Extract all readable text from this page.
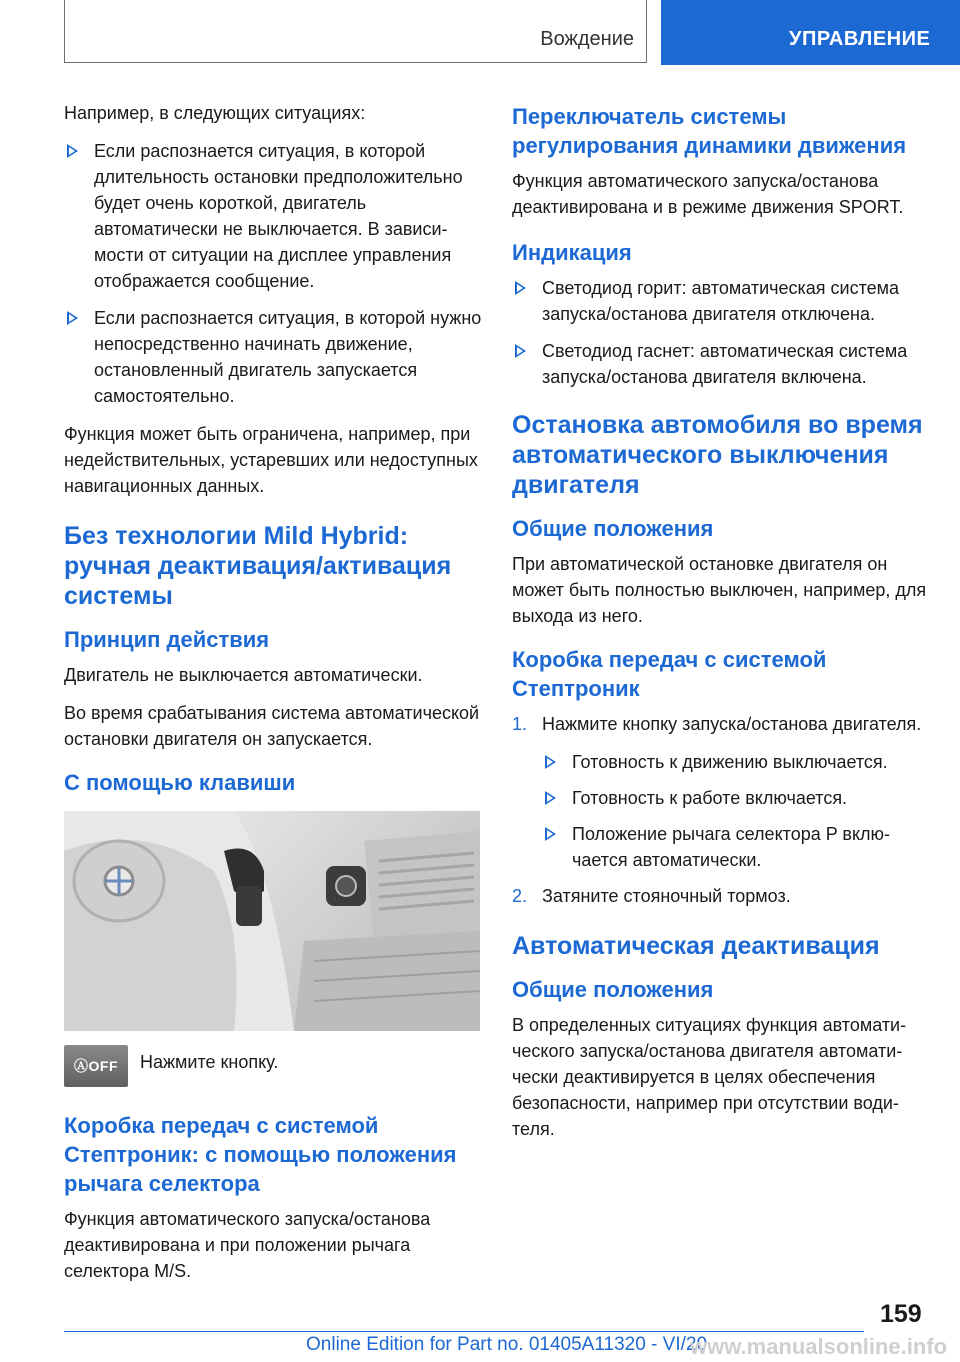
Вождение	УПРАВЛЕНИЕ

Например, в следующих ситуациях:

Если распознается ситуация, в которой длительность остановки предположительно будет очень короткой, двигатель автоматически не выключается. В зависимости от ситуации на дисплее управления отображается сообщение.
Если распознается ситуация, в которой нужно непосредственно начинать движение, остановленный двигатель запускается самостоятельно.

Функция может быть ограничена, например, при недействительных, устаревших или недоступных навигационных данных.

Без технологии Mild Hybrid: ручная деактивация/активация системы
Принцип действия

Двигатель не выключается автоматически.

Во время срабатывания система автоматической остановки двигателя он запускается.

С помощью клавиши
ⒶOFF	Нажмите кнопку.
Коробка передач с системой Стептроник: с помощью положения рычага селектора

Функция автоматического запуска/останова деактивирована и при положении рычага селектора M/S.

Переключатель системы регулирования динамики движения

Функция автоматического запуска/останова деактивирована и в режиме движения SPORT.

Индикация
Светодиод горит: автоматическая система запуска/останова двигателя отключена.
Светодиод гаснет: автоматическая система запуска/останова двигателя включена.
Остановка автомобиля во время автоматического выключения двигателя
Общие положения

При автоматической остановке двигателя он может быть полностью выключен, например, для выхода из него.

Коробка передач с системой Стептроник
1. Нажмите кнопку запуска/останова двигателя.
Готовность к движению выключается.
Готовность к работе включается.
Положение рычага селектора P включается автоматически.
2. Затяните стояночный тормоз.
Автоматическая деактивация
Общие положения

В определенных ситуациях функция автоматического запуска/останова двигателя автоматически деактивируется в целях обеспечения безопасности, например при отсутствии водителя.

159
Online Edition for Part no. 01405A11320 - VI/20
www.manualsonline.info
